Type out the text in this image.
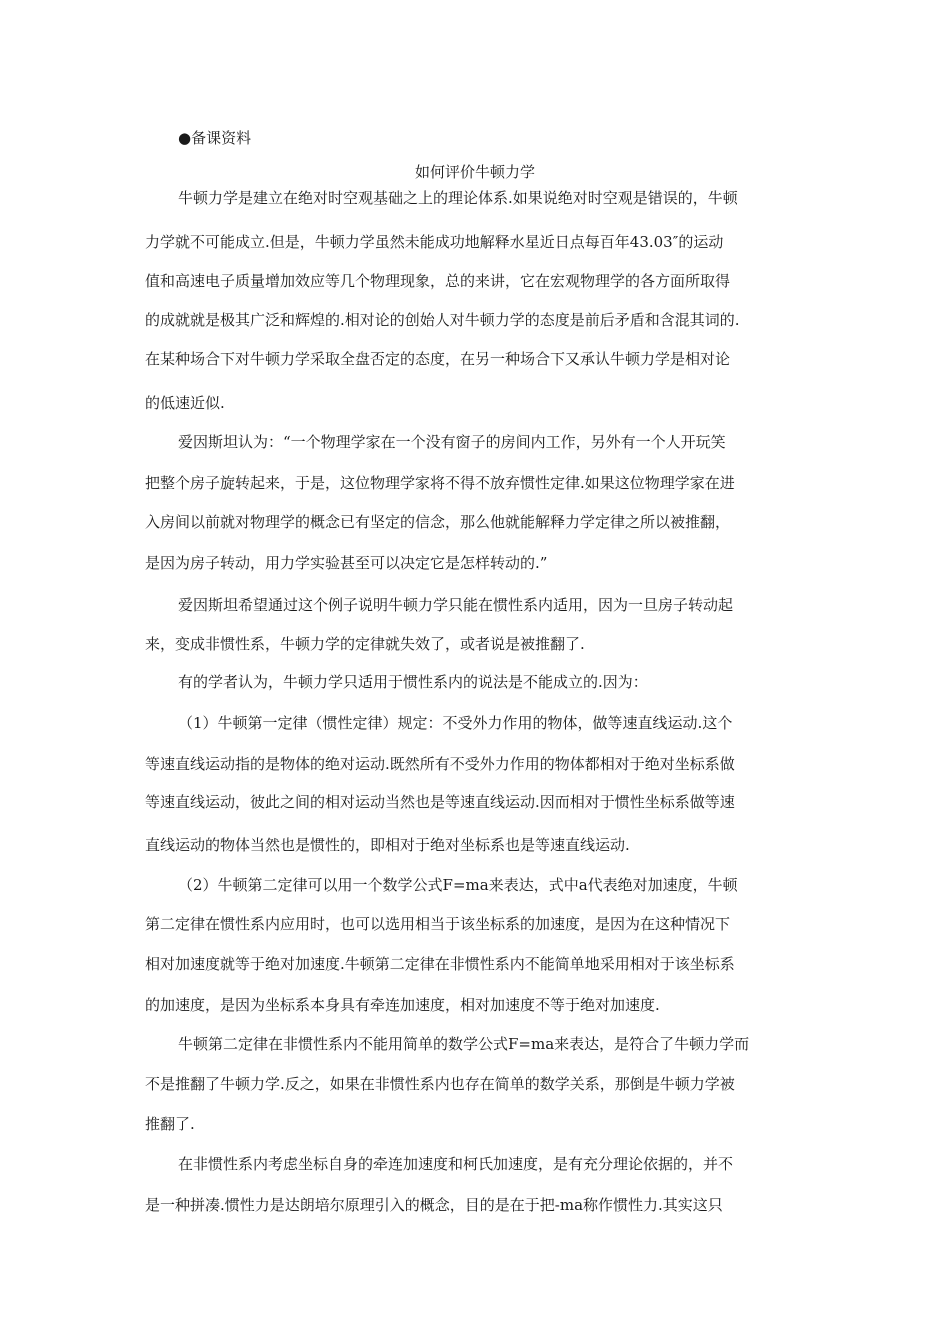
●备课资料
如何评价牛顿力学
牛顿力学是建立在绝对时空观基础之上的理论体系.如果说绝对时空观是错误的，牛顿
力学就不可能成立.但是，牛顿力学虽然未能成功地解释水星近日点每百年43.03″的运动
值和高速电子质量增加效应等几个物理现象，总的来讲，它在宏观物理学的各方面所取得
的成就就是极其广泛和辉煌的.相对论的创始人对牛顿力学的态度是前后矛盾和含混其词的.
在某种场合下对牛顿力学采取全盘否定的态度，在另一种场合下又承认牛顿力学是相对论
的低速近似.
爱因斯坦认为：“一个物理学家在一个没有窗子的房间内工作，另外有一个人开玩笑
把整个房子旋转起来，于是，这位物理学家将不得不放弃惯性定律.如果这位物理学家在进
入房间以前就对物理学的概念已有坚定的信念，那么他就能解释力学定律之所以被推翻，
是因为房子转动，用力学实验甚至可以决定它是怎样转动的.”
爱因斯坦希望通过这个例子说明牛顿力学只能在惯性系内适用，因为一旦房子转动起
来，变成非惯性系，牛顿力学的定律就失效了，或者说是被推翻了.
有的学者认为，牛顿力学只适用于惯性系内的说法是不能成立的.因为：
（1）牛顿第一定律（惯性定律）规定：不受外力作用的物体，做等速直线运动.这个
等速直线运动指的是物体的绝对运动.既然所有不受外力作用的物体都相对于绝对坐标系做
等速直线运动，彼此之间的相对运动当然也是等速直线运动.因而相对于惯性坐标系做等速
直线运动的物体当然也是惯性的，即相对于绝对坐标系也是等速直线运动.
（2）牛顿第二定律可以用一个数学公式F=ma来表达，式中a代表绝对加速度，牛顿
第二定律在惯性系内应用时，也可以选用相当于该坐标系的加速度，是因为在这种情况下
相对加速度就等于绝对加速度.牛顿第二定律在非惯性系内不能简单地采用相对于该坐标系
的加速度，是因为坐标系本身具有牵连加速度，相对加速度不等于绝对加速度.
牛顿第二定律在非惯性系内不能用简单的数学公式F=ma来表达，是符合了牛顿力学而
不是推翻了牛顿力学.反之，如果在非惯性系内也存在简单的数学关系，那倒是牛顿力学被
推翻了.
在非惯性系内考虑坐标自身的牵连加速度和柯氏加速度，是有充分理论依据的，并不
是一种拼凑.惯性力是达朗培尔原理引入的概念，目的是在于把-ma称作惯性力.其实这只
